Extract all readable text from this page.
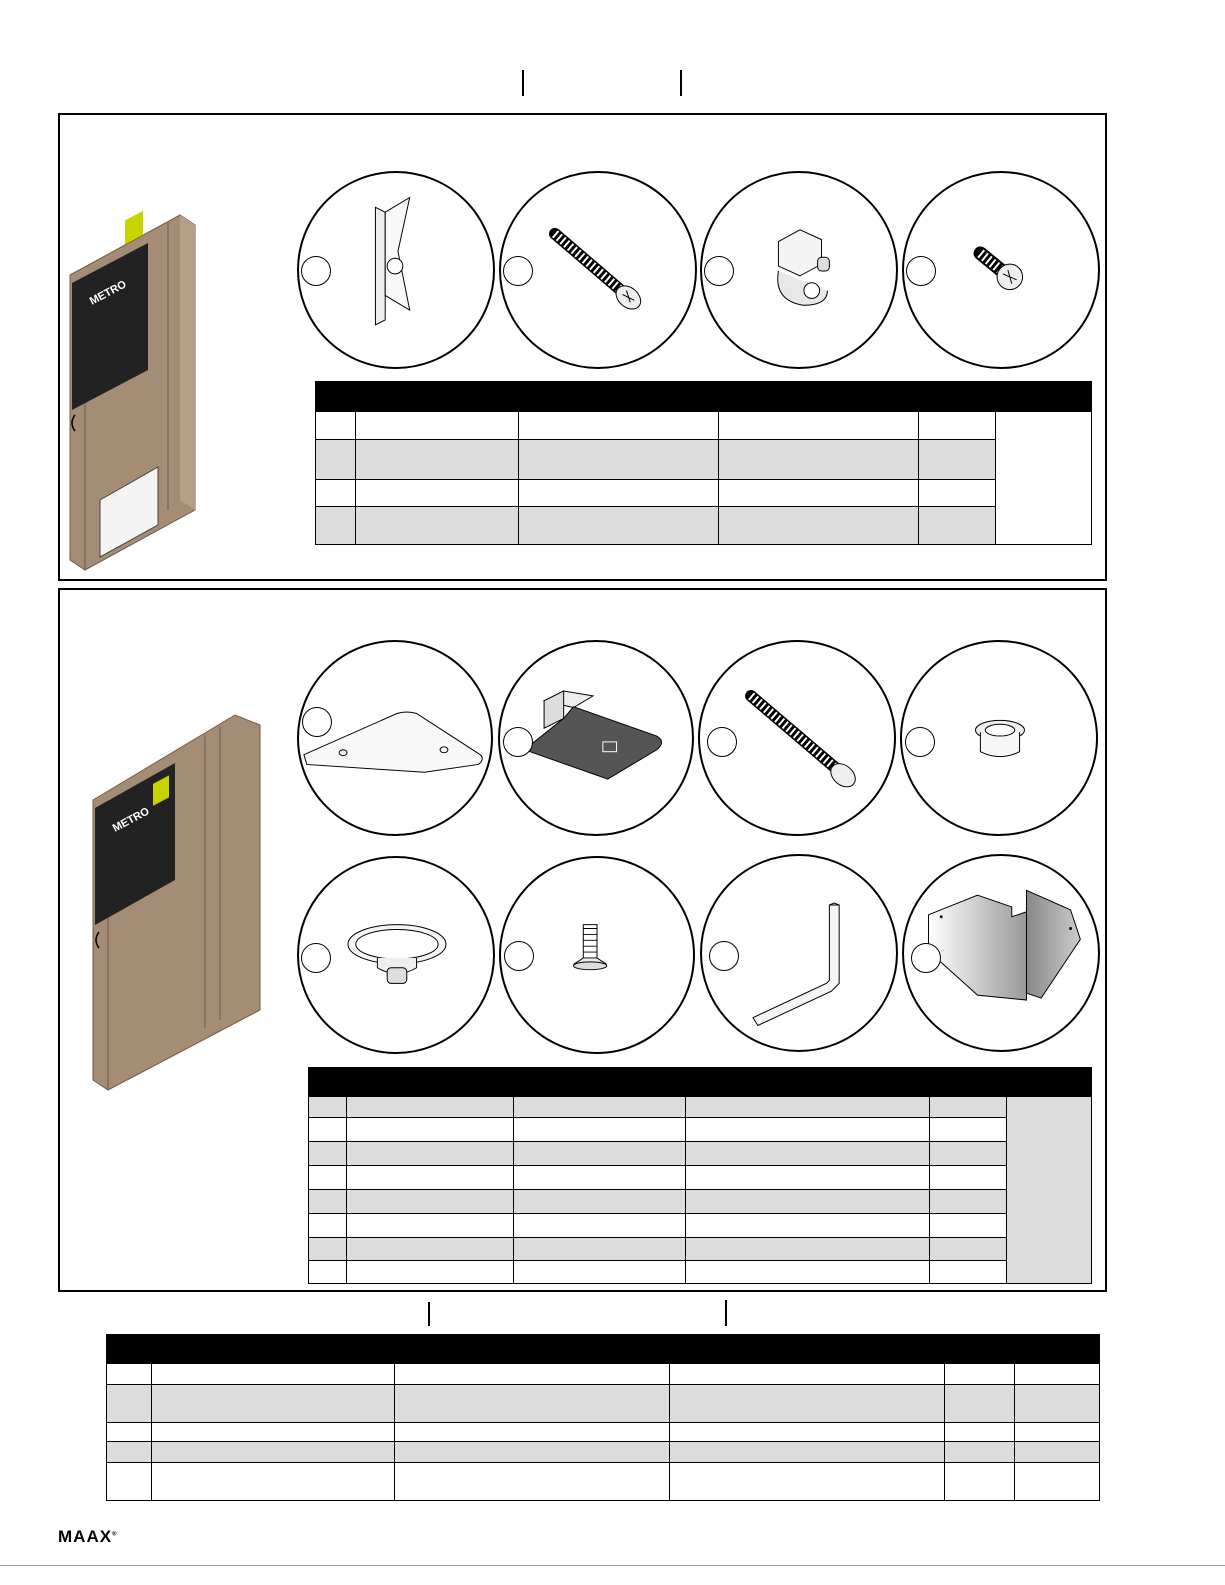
METRO

METRO

MAAX®
